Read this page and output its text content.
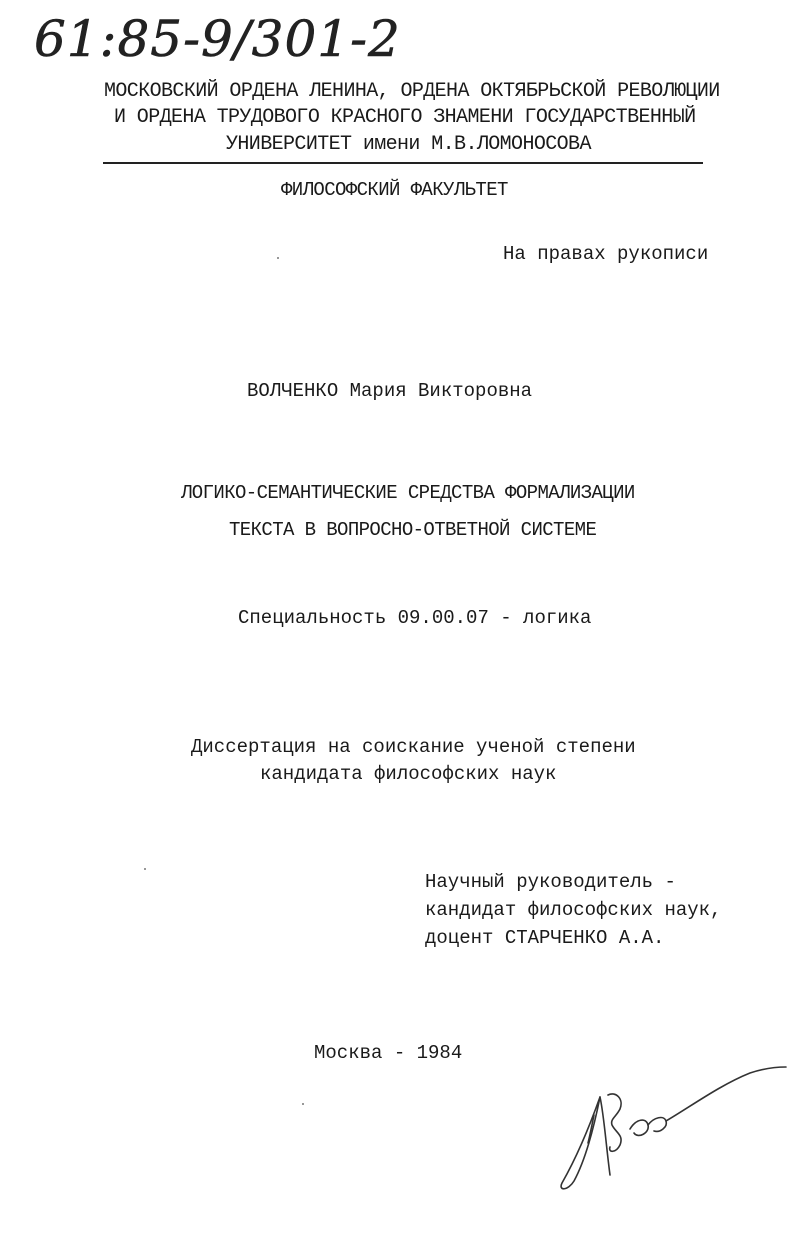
61:85-9/301-2
МОСКОВСКИЙ ОРДЕНА ЛЕНИНА, ОРДЕНА ОКТЯБРЬСКОЙ РЕВОЛЮЦИИ
И ОРДЕНА ТРУДОВОГО КРАСНОГО ЗНАМЕНИ ГОСУДАРСТВЕННЫЙ
УНИВЕРСИТЕТ имени М.В.ЛОМОНОСОВА
ФИЛОСОФСКИЙ ФАКУЛЬТЕТ
На правах рукописи
ВОЛЧЕНКО Мария Викторовна
ЛОГИКО-СЕМАНТИЧЕСКИЕ СРЕДСТВА ФОРМАЛИЗАЦИИ
ТЕКСТА В ВОПРОСНО-ОТВЕТНОЙ СИСТЕМЕ
Специальность 09.00.07 - логика
Диссертация на соискание ученой степени
кандидата философских наук
Научный руководитель -
кандидат философских наук,
доцент СТАРЧЕНКО А.А.
Москва - 1984
